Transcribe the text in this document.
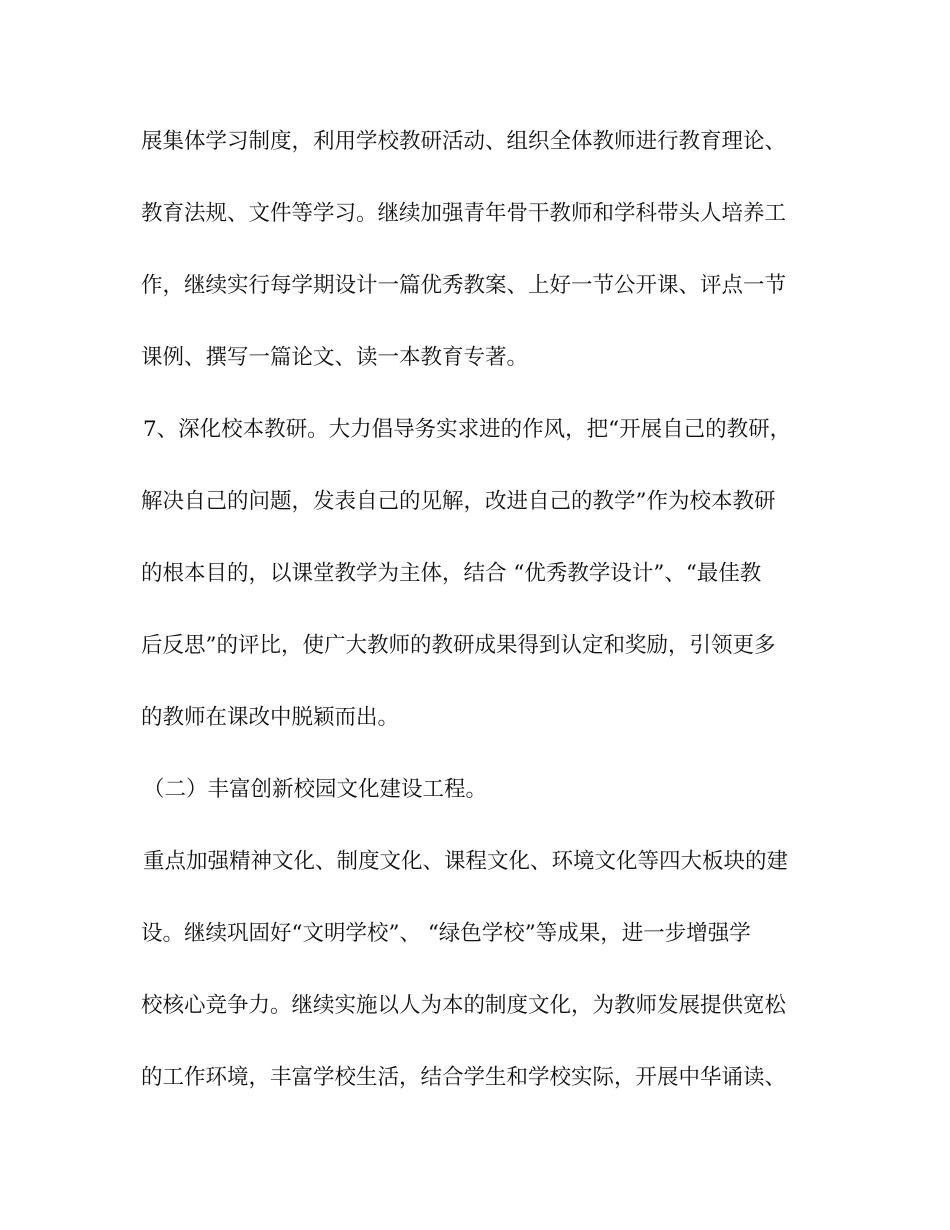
展集体学习制度，利用学校教研活动、组织全体教师进行教育理论、
教育法规、文件等学习。继续加强青年骨干教师和学科带头人培养工
作，继续实行每学期设计一篇优秀教案、上好一节公开课、评点一节
课例、撰写一篇论文、读一本教育专著。
7、深化校本教研。大力倡导务实求进的作风，把“开展自己的教研，
解决自己的问题，发表自己的见解，改进自己的教学”作为校本教研
的根本目的，以课堂教学为主体，结合 “优秀教学设计”、“最佳教
后反思”的评比，使广大教师的教研成果得到认定和奖励，引领更多
的教师在课改中脱颖而出。
（二）丰富创新校园文化建设工程。
重点加强精神文化、制度文化、课程文化、环境文化等四大板块的建
设。继续巩固好“文明学校”、 “绿色学校”等成果，进一步增强学
校核心竞争力。继续实施以人为本的制度文化，为教师发展提供宽松
的工作环境，丰富学校生活，结合学生和学校实际，开展中华诵读、
